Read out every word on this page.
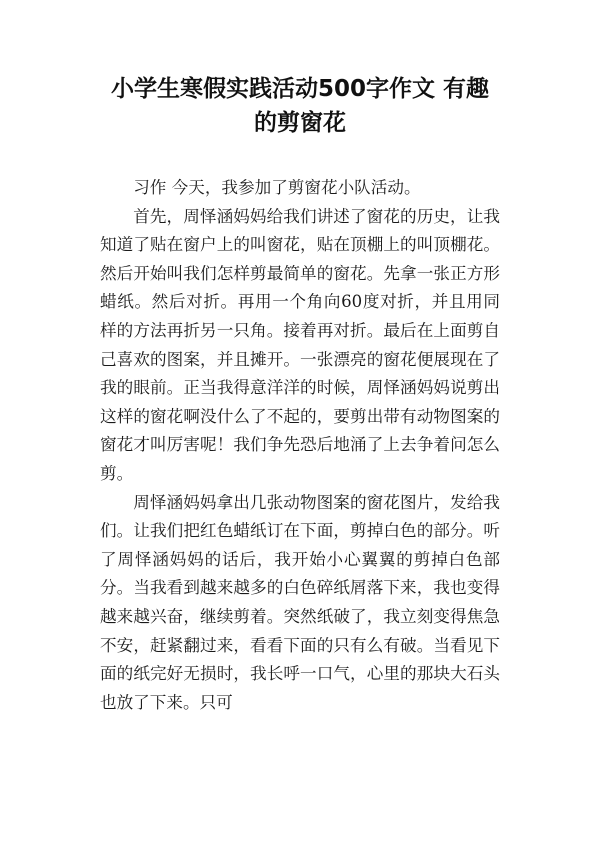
小学生寒假实践活动500字作文 有趣
的剪窗花

习作 今天，我参加了剪窗花小队活动。

首先，周怿涵妈妈给我们讲述了窗花的历史，让我知道了贴在窗户上的叫窗花，贴在顶棚上的叫顶棚花。然后开始叫我们怎样剪最简单的窗花。先拿一张正方形蜡纸。然后对折。再用一个角向60度对折，并且用同样的方法再折另一只角。接着再对折。最后在上面剪自己喜欢的图案，并且摊开。一张漂亮的窗花便展现在了我的眼前。正当我得意洋洋的时候，周怿涵妈妈说剪出这样的窗花啊没什么了不起的，要剪出带有动物图案的窗花才叫厉害呢！我们争先恐后地涌了上去争着问怎么剪。

周怿涵妈妈拿出几张动物图案的窗花图片，发给我们。让我们把红色蜡纸订在下面，剪掉白色的部分。听了周怿涵妈妈的话后，我开始小心翼翼的剪掉白色部分。当我看到越来越多的白色碎纸屑落下来，我也变得越来越兴奋，继续剪着。突然纸破了，我立刻变得焦急不安，赶紧翻过来，看看下面的只有么有破。当看见下面的纸完好无损时，我长呼一口气，心里的那块大石头也放了下来。只可
